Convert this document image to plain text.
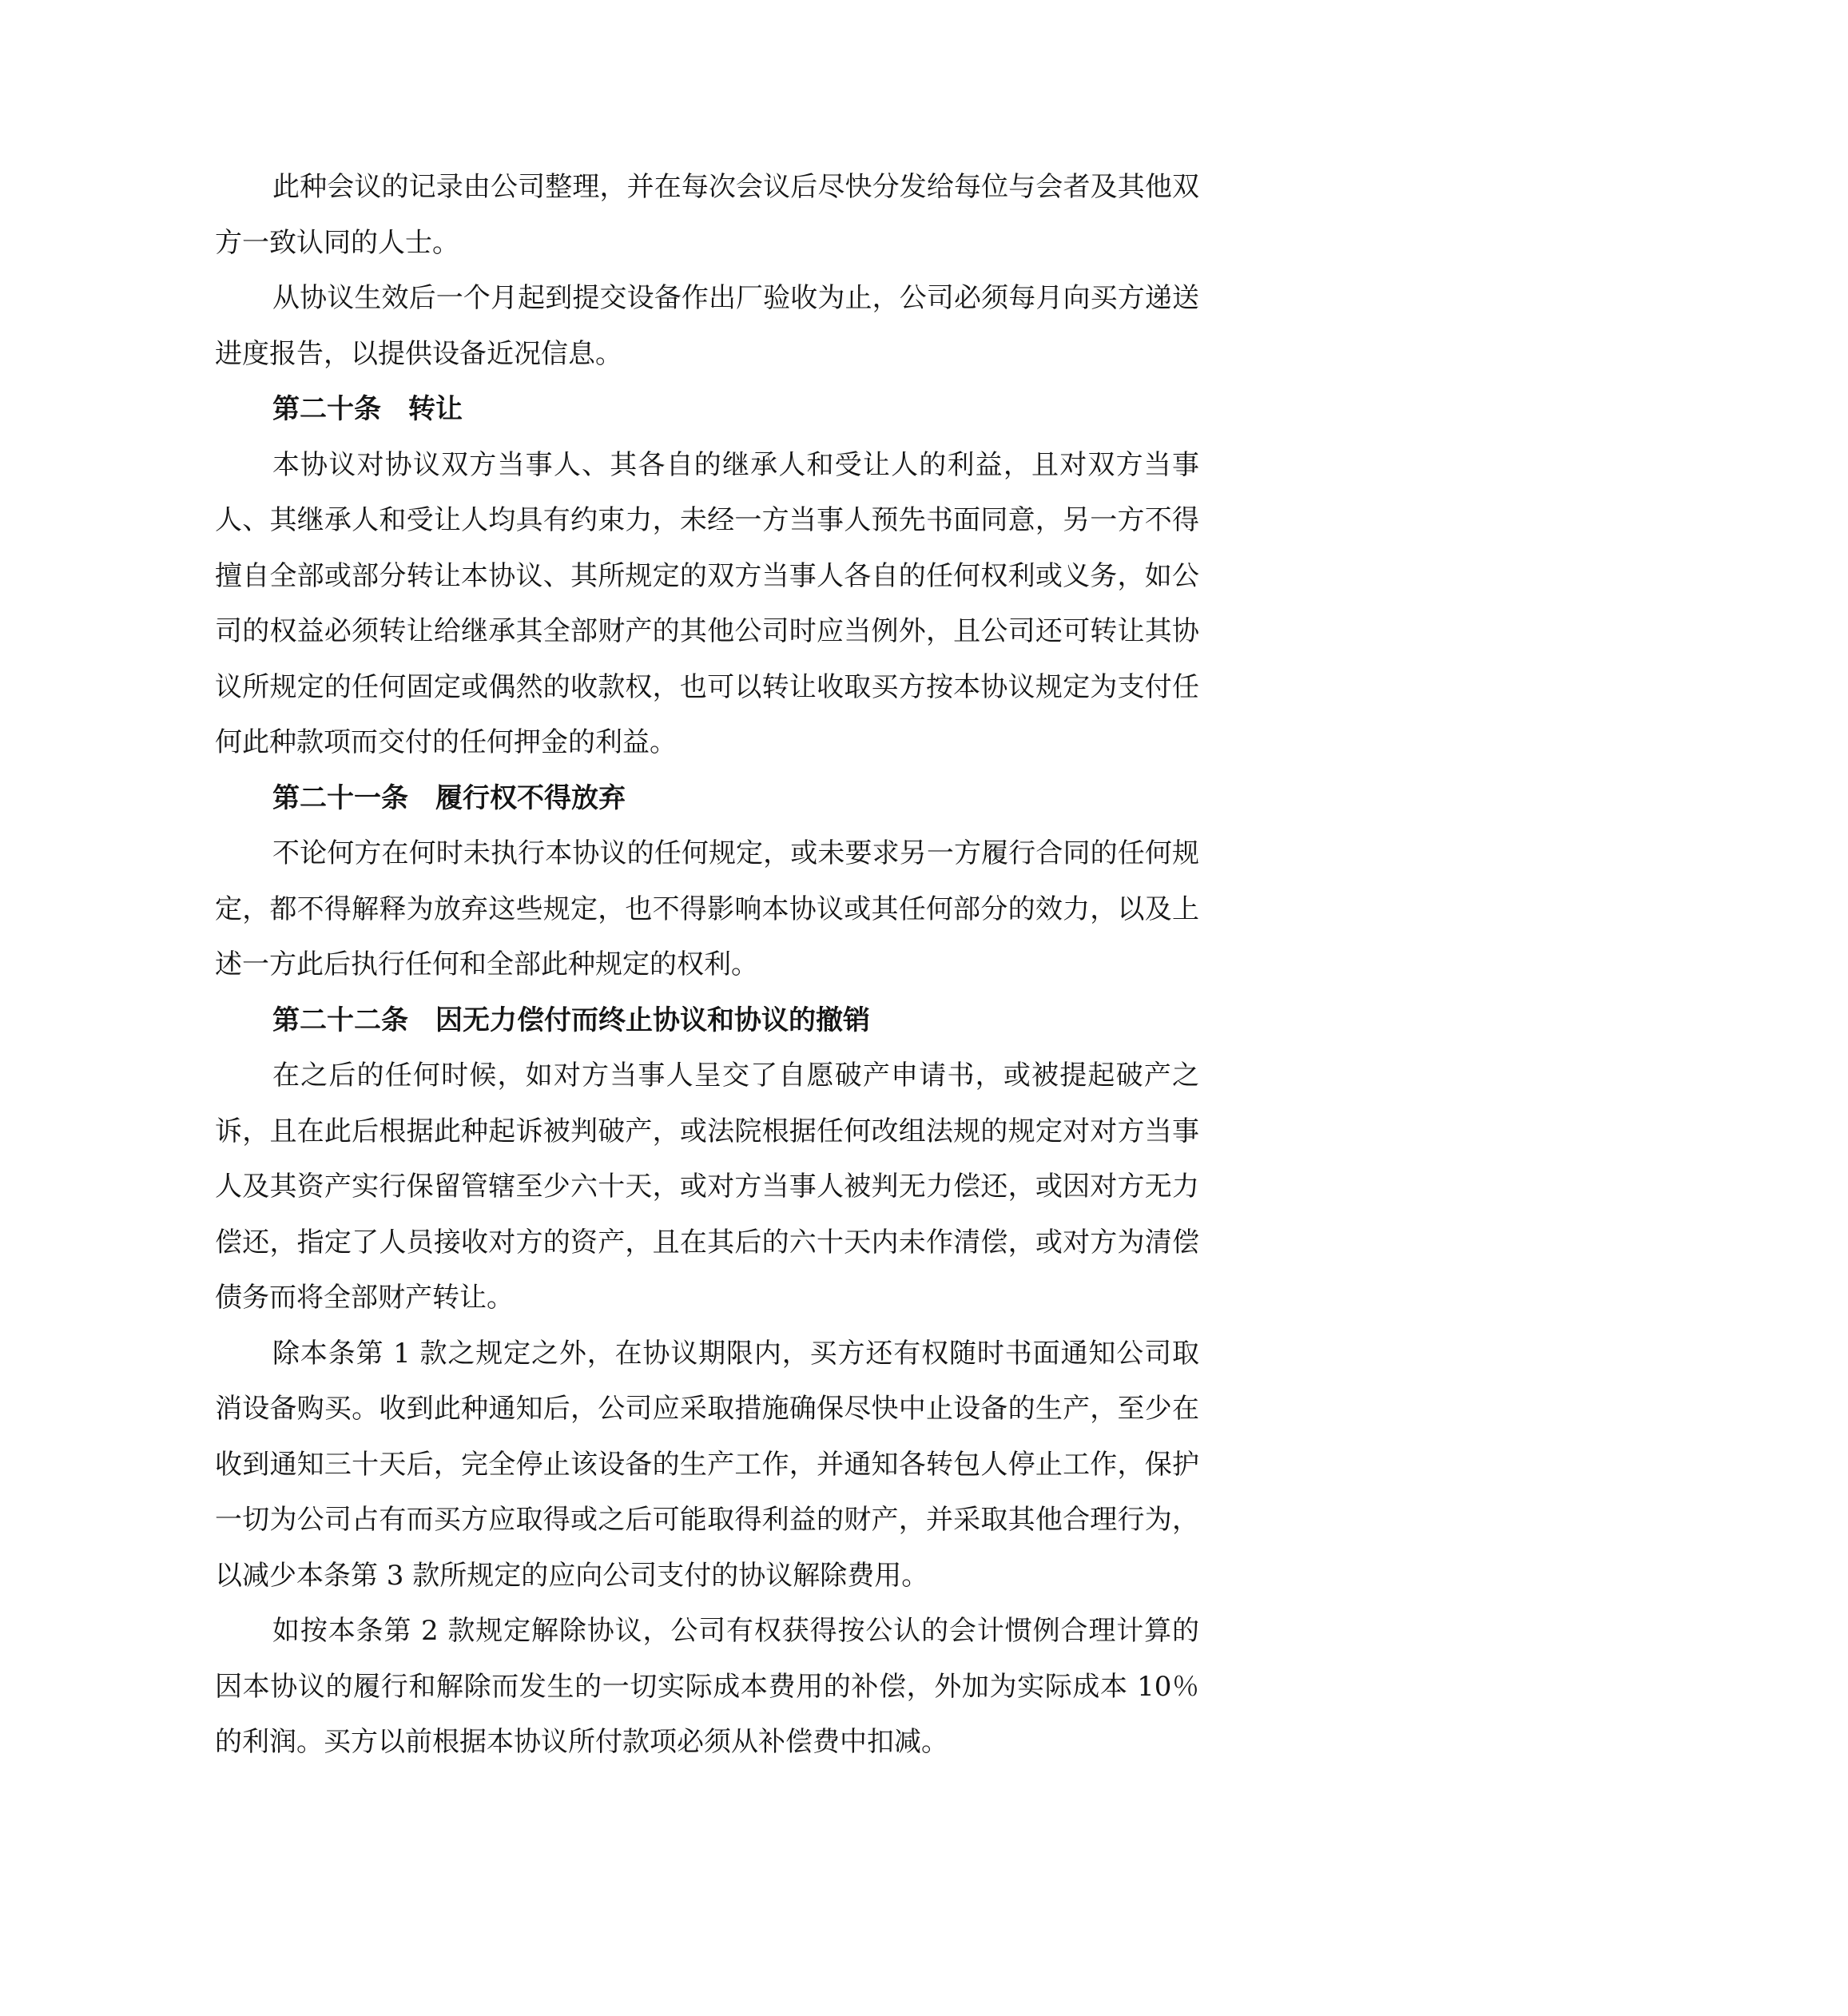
此种会议的记录由公司整理，并在每次会议后尽快分发给每位与会者及其他双方一致认同的人士。

从协议生效后一个月起到提交设备作出厂验收为止，公司必须每月向买方递送进度报告，以提供设备近况信息。

第二十条　转让

本协议对协议双方当事人、其各自的继承人和受让人的利益，且对双方当事人、其继承人和受让人均具有约束力，未经一方当事人预先书面同意，另一方不得擅自全部或部分转让本协议、其所规定的双方当事人各自的任何权利或义务，如公司的权益必须转让给继承其全部财产的其他公司时应当例外，且公司还可转让其协议所规定的任何固定或偶然的收款权，也可以转让收取买方按本协议规定为支付任何此种款项而交付的任何押金的利益。

第二十一条　履行权不得放弃

不论何方在何时未执行本协议的任何规定，或未要求另一方履行合同的任何规定，都不得解释为放弃这些规定，也不得影响本协议或其任何部分的效力，以及上述一方此后执行任何和全部此种规定的权利。

第二十二条　因无力偿付而终止协议和协议的撤销

在之后的任何时候，如对方当事人呈交了自愿破产申请书，或被提起破产之诉，且在此后根据此种起诉被判破产，或法院根据任何改组法规的规定对对方当事人及其资产实行保留管辖至少六十天，或对方当事人被判无力偿还，或因对方无力偿还，指定了人员接收对方的资产，且在其后的六十天内未作清偿，或对方为清偿债务而将全部财产转让。

除本条第 1 款之规定之外，在协议期限内，买方还有权随时书面通知公司取消设备购买。收到此种通知后，公司应采取措施确保尽快中止设备的生产，至少在收到通知三十天后，完全停止该设备的生产工作，并通知各转包人停止工作，保护一切为公司占有而买方应取得或之后可能取得利益的财产，并采取其他合理行为，以减少本条第 3 款所规定的应向公司支付的协议解除费用。

如按本条第 2 款规定解除协议，公司有权获得按公认的会计惯例合理计算的因本协议的履行和解除而发生的一切实际成本费用的补偿，外加为实际成本 10％的利润。买方以前根据本协议所付款项必须从补偿费中扣减。
